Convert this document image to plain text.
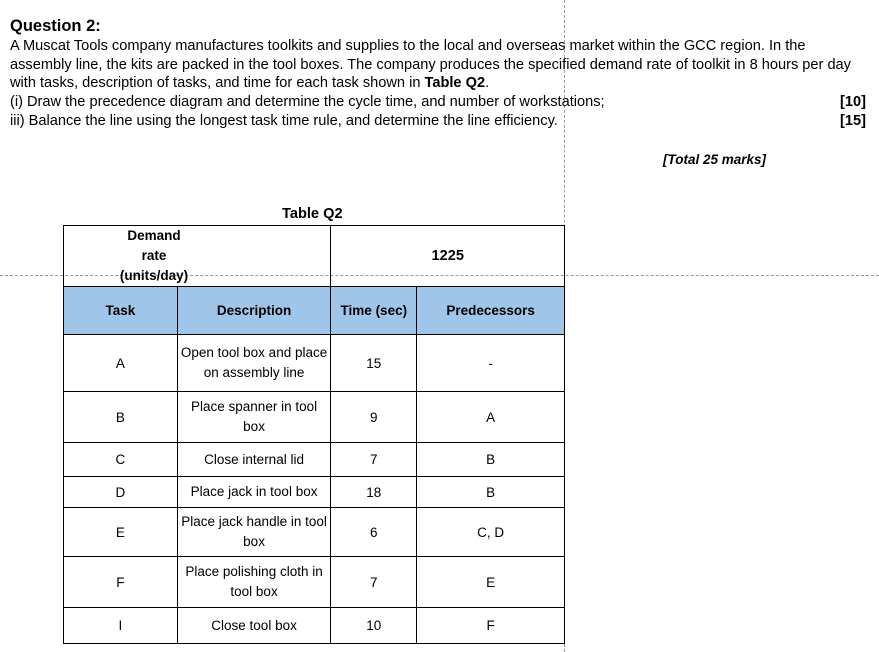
Question 2:

A Muscat Tools company manufactures toolkits and supplies to the local and overseas market within the GCC region. In the assembly line, the kits are packed in the tool boxes. The company produces the specified demand rate of toolkit in 8 hours per day with tasks, description of tasks, and time for each task shown in Table Q2.

(i) Draw the precedence diagram and determine the cycle time, and number of workstations;	[10]
iii) Balance the line using the longest task time rule, and determine the line efficiency.	[15]
[Total 25 marks]
Table Q2
Demand rate (units/day)		1225	
Task	Description	Time (sec)	Predecessors
A	Open tool box and place on assembly line	15	-
B	Place spanner in tool box	9	A
C	Close internal lid	7	B
D	Place jack in tool box	18	B
E	Place jack handle in tool box	6	C, D
F	Place polishing cloth in tool box	7	E
I	Close tool box	10	F
